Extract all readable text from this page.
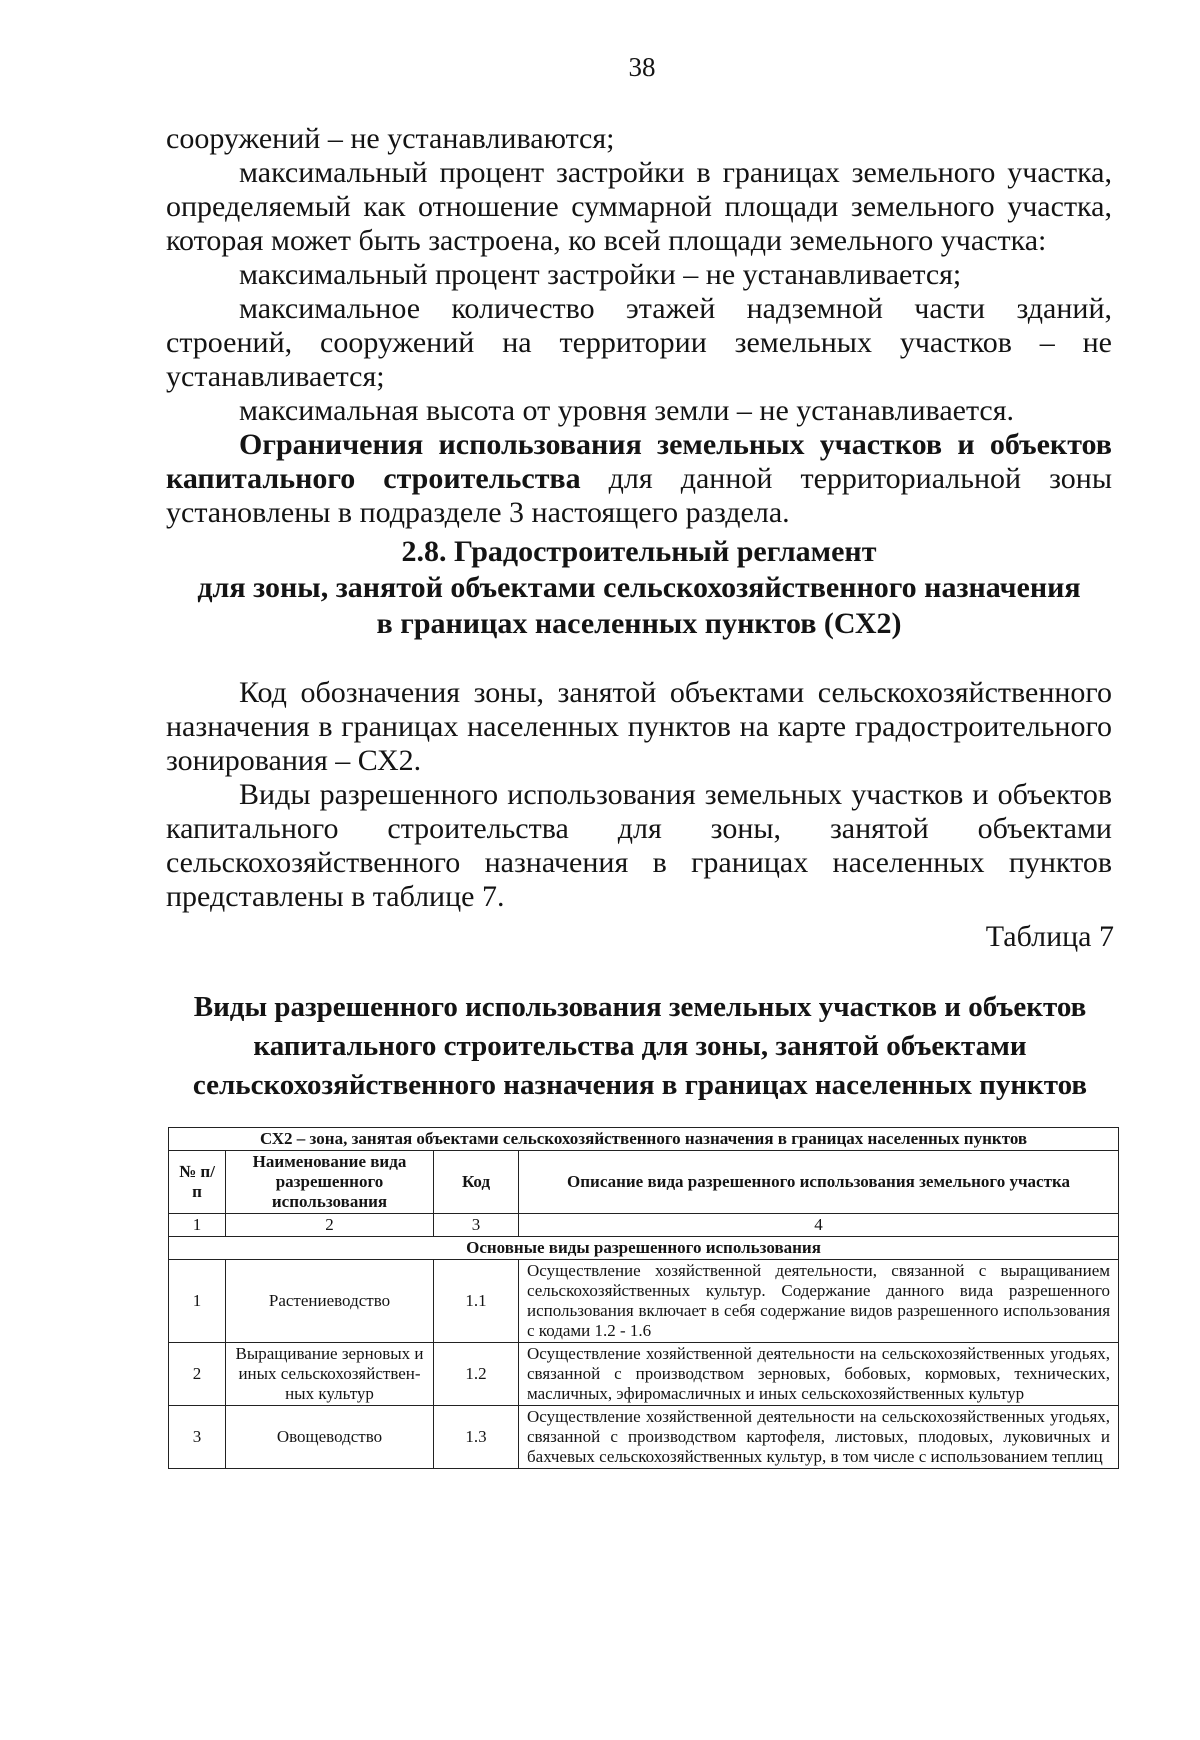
38

сооружений – не устанавливаются;

максимальный процент застройки в границах земельного участка, определяемый как отношение суммарной площади земельного участка, которая может быть застроена, ко всей площади земельного участка:

максимальный процент застройки – не устанавливается;

максимальное количество этажей надземной части зданий, строений, сооружений на территории земельных участков – не устанавливается;

максимальная высота от уровня земли – не устанавливается.

Ограничения использования земельных участков и объектов капитального строительства для данной территориальной зоны установлены в подразделе 3 настоящего раздела.

2.8. Градостроительный регламент
для зоны, занятой объектами сельскохозяйственного назначения
в границах населенных пунктов (СХ2)

Код обозначения зоны, занятой объектами сельскохозяйственного назначения в границах населенных пунктов на карте градостроительного зонирования – СХ2.

Виды разрешенного использования земельных участков и объектов капитального строительства для зоны, занятой объектами сельскохозяйственного назначения в границах населенных пунктов представлены в таблице 7.

Таблица 7
Виды разрешенного использования земельных участков и объектов
капитального строительства для зоны, занятой объектами
сельскохозяйственного назначения в границах населенных пунктов
СХ2 – зона, занятая объектами сельскохозяйственного назначения в границах населенных пунктов			
№ п/п	Наименование вида разрешенного использования	Код	Описание вида разрешенного использования земельного участка
1	2	3	4
Основные виды разрешенного использования			
1	Растениеводство	1.1	Осуществление хозяйственной деятельности, связанной с выращиванием сельскохозяйственных культур. Содержание данного вида разрешенного использования включает в себя содержание видов разрешенного использования с кодами 1.2 - 1.6
2	Выращивание зерновых и иных сельскохозяйствен-ных культур	1.2	Осуществление хозяйственной деятельности на сельскохозяйственных угодьях, связанной с производством зерновых, бобовых, кормовых, технических, масличных, эфиромасличных и иных сельскохозяйственных культур
3	Овощеводство	1.3	Осуществление хозяйственной деятельности на сельскохозяйственных угодьях, связанной с производством картофеля, листовых, плодовых, луковичных и бахчевых сельскохозяйственных культур, в том числе с использованием теплиц
